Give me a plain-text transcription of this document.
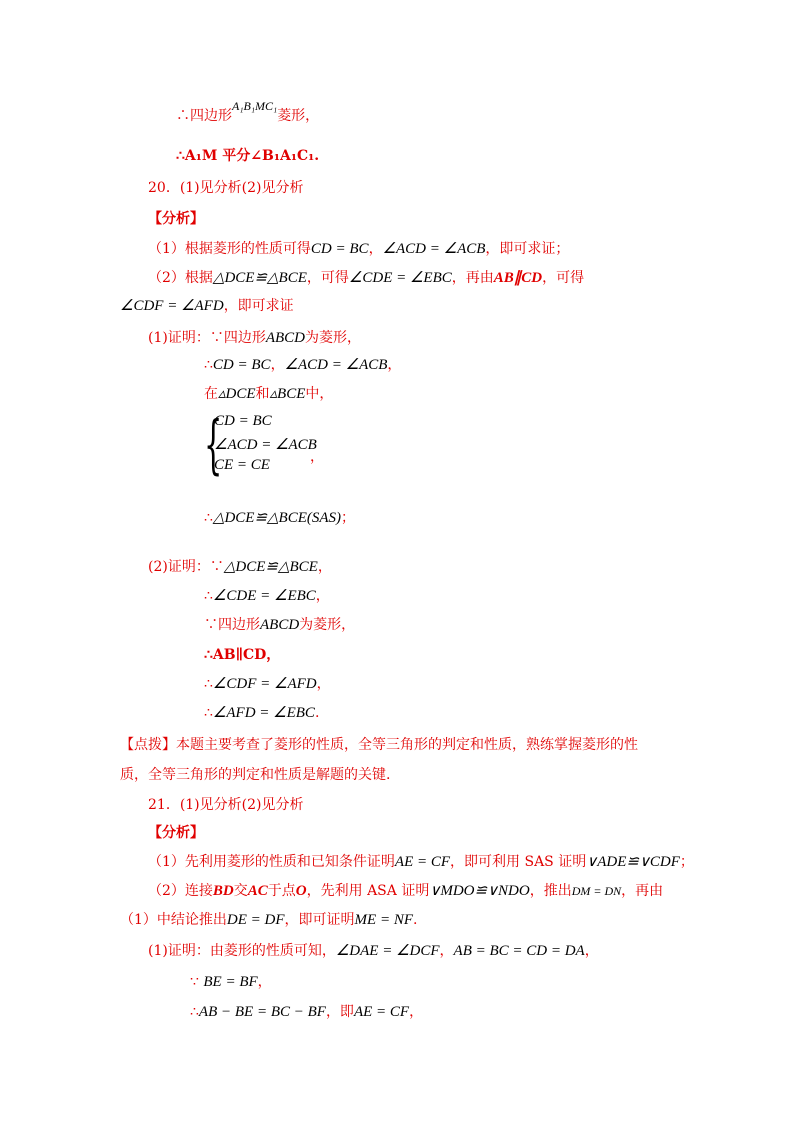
∴四边形A₁B₁MC₁菱形，
∴A₁M 平分∠B₁A₁C₁.
20．(1)见分析(2)见分析
【分析】
（1）根据菱形的性质可得CD = BC，∠ACD = ∠ACB，即可求证；
（2）根据△DCE≌△BCE，可得∠CDE = ∠EBC，再由AB∥CD，可得
∠CDF = ∠AFD，即可求证
(1)证明：∵四边形ABCD为菱形，
∴CD = BC，∠ACD = ∠ACB，
在▵DCE和▵BCE中，
{
CD = BC
∠ACD = ∠ACB
CE = CE	，
∴△DCE≌△BCE(SAS)；
(2)证明：∵△DCE≌△BCE，
∴∠CDE = ∠EBC，
∵四边形ABCD为菱形，
∴AB∥CD，
∴∠CDF = ∠AFD，
∴∠AFD = ∠EBC.
【点拨】本题主要考查了菱形的性质，全等三角形的判定和性质，熟练掌握菱形的性
质，全等三角形的判定和性质是解题的关键.
21．(1)见分析(2)见分析
【分析】
（1）先利用菱形的性质和已知条件证明AE = CF，即可利用 SAS 证明∨ADE≌∨CDF；
（2）连接BD交AC于点O，先利用 ASA 证明∨MDO≌∨NDO，推出DM = DN，再由
（1）中结论推出DE = DF，即可证明ME = NF.
(1)证明：由菱形的性质可知，∠DAE = ∠DCF，AB = BC = CD = DA，
∵ BE = BF，
∴AB − BE = BC − BF，即AE = CF，
